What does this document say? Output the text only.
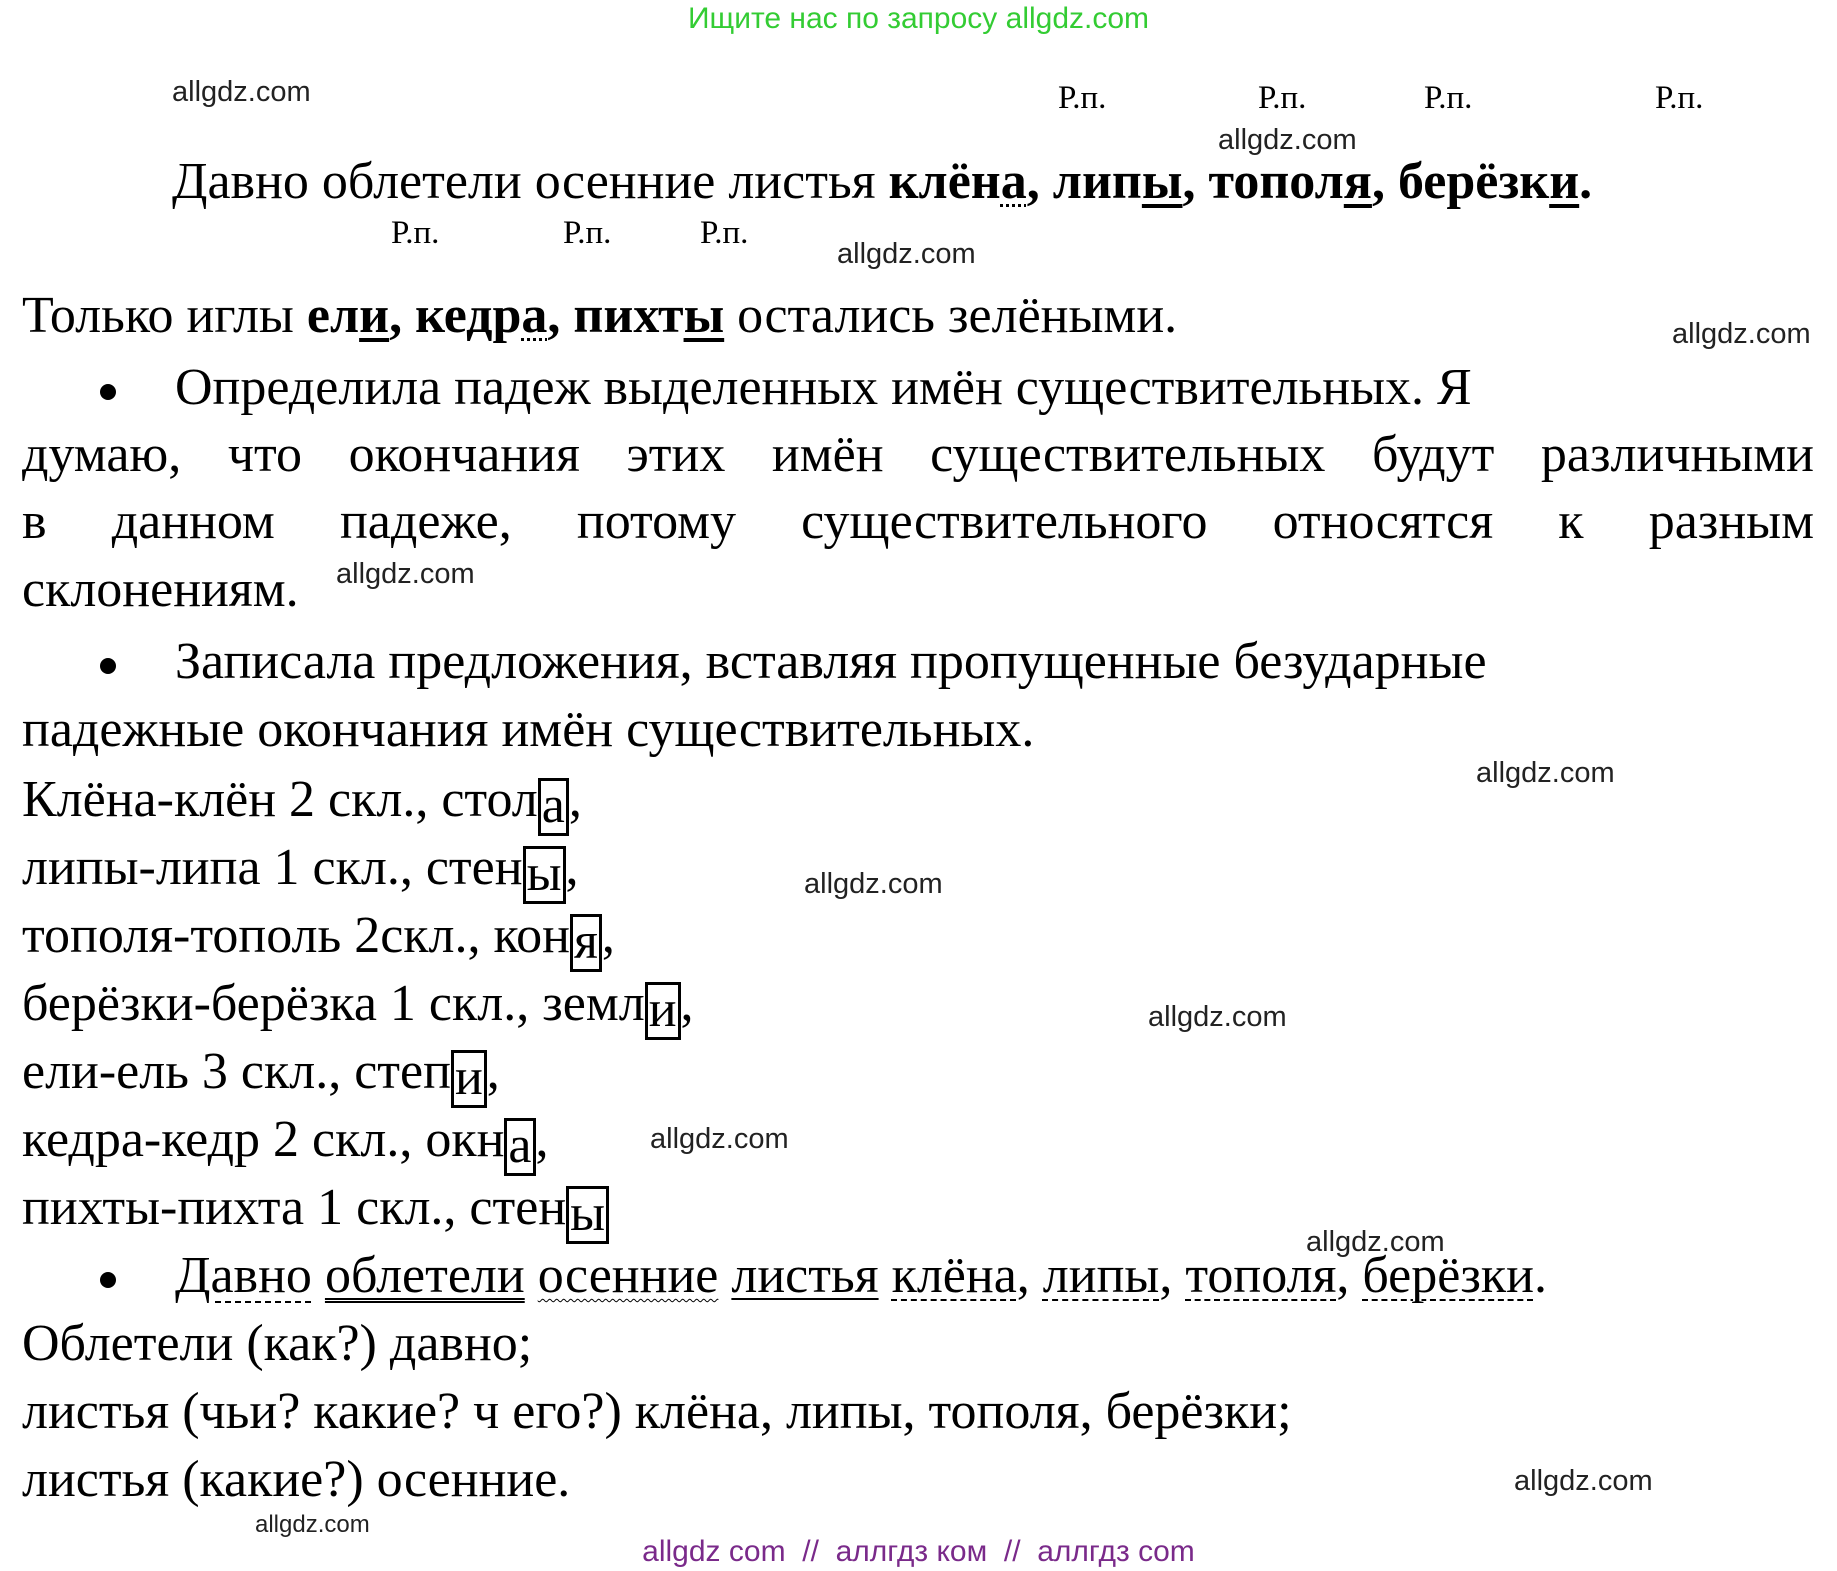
Ищите нас по запросу allgdz.com
allgdz.com
allgdz.com
allgdz.com
allgdz.com
allgdz.com
allgdz.com
allgdz.com
allgdz.com
allgdz.com
allgdz.com
allgdz.com
allgdz.com
Р.п.	Р.п.	Р.п.	Р.п.
Давно облетели осенние листья клёна, липы, тополя, берёзки.
Р.п.	Р.п.	Р.п.
Только иглы ели, кедра, пихты остались зелёными.
Определила падеж выделенных имён существительных. Я
думаю, что окончания этих имён существительных будут различными
в данном падеже, потому существительного относятся к разным
склонениям.
Записала предложения, вставляя пропущенные безударные
падежные окончания имён существительных.
Клёна-клён 2 скл., стола,
липы-липа 1 скл., стены,
тополя-тополь 2скл., коня,
берёзки-берёзка 1 скл., земли,
ели-ель 3 скл., степи,
кедра-кедр 2 скл., окна,
пихты-пихта 1 скл., стены
Давно облетели осенние листья клёна, липы, тополя, берёзки.
Облетели (как?) давно;
листья (чьи? какие? ч его?) клёна, липы, тополя, берёзки;
листья (какие?) осенние.
allgdz com  //  аллгдз ком  //  аллгдз com
